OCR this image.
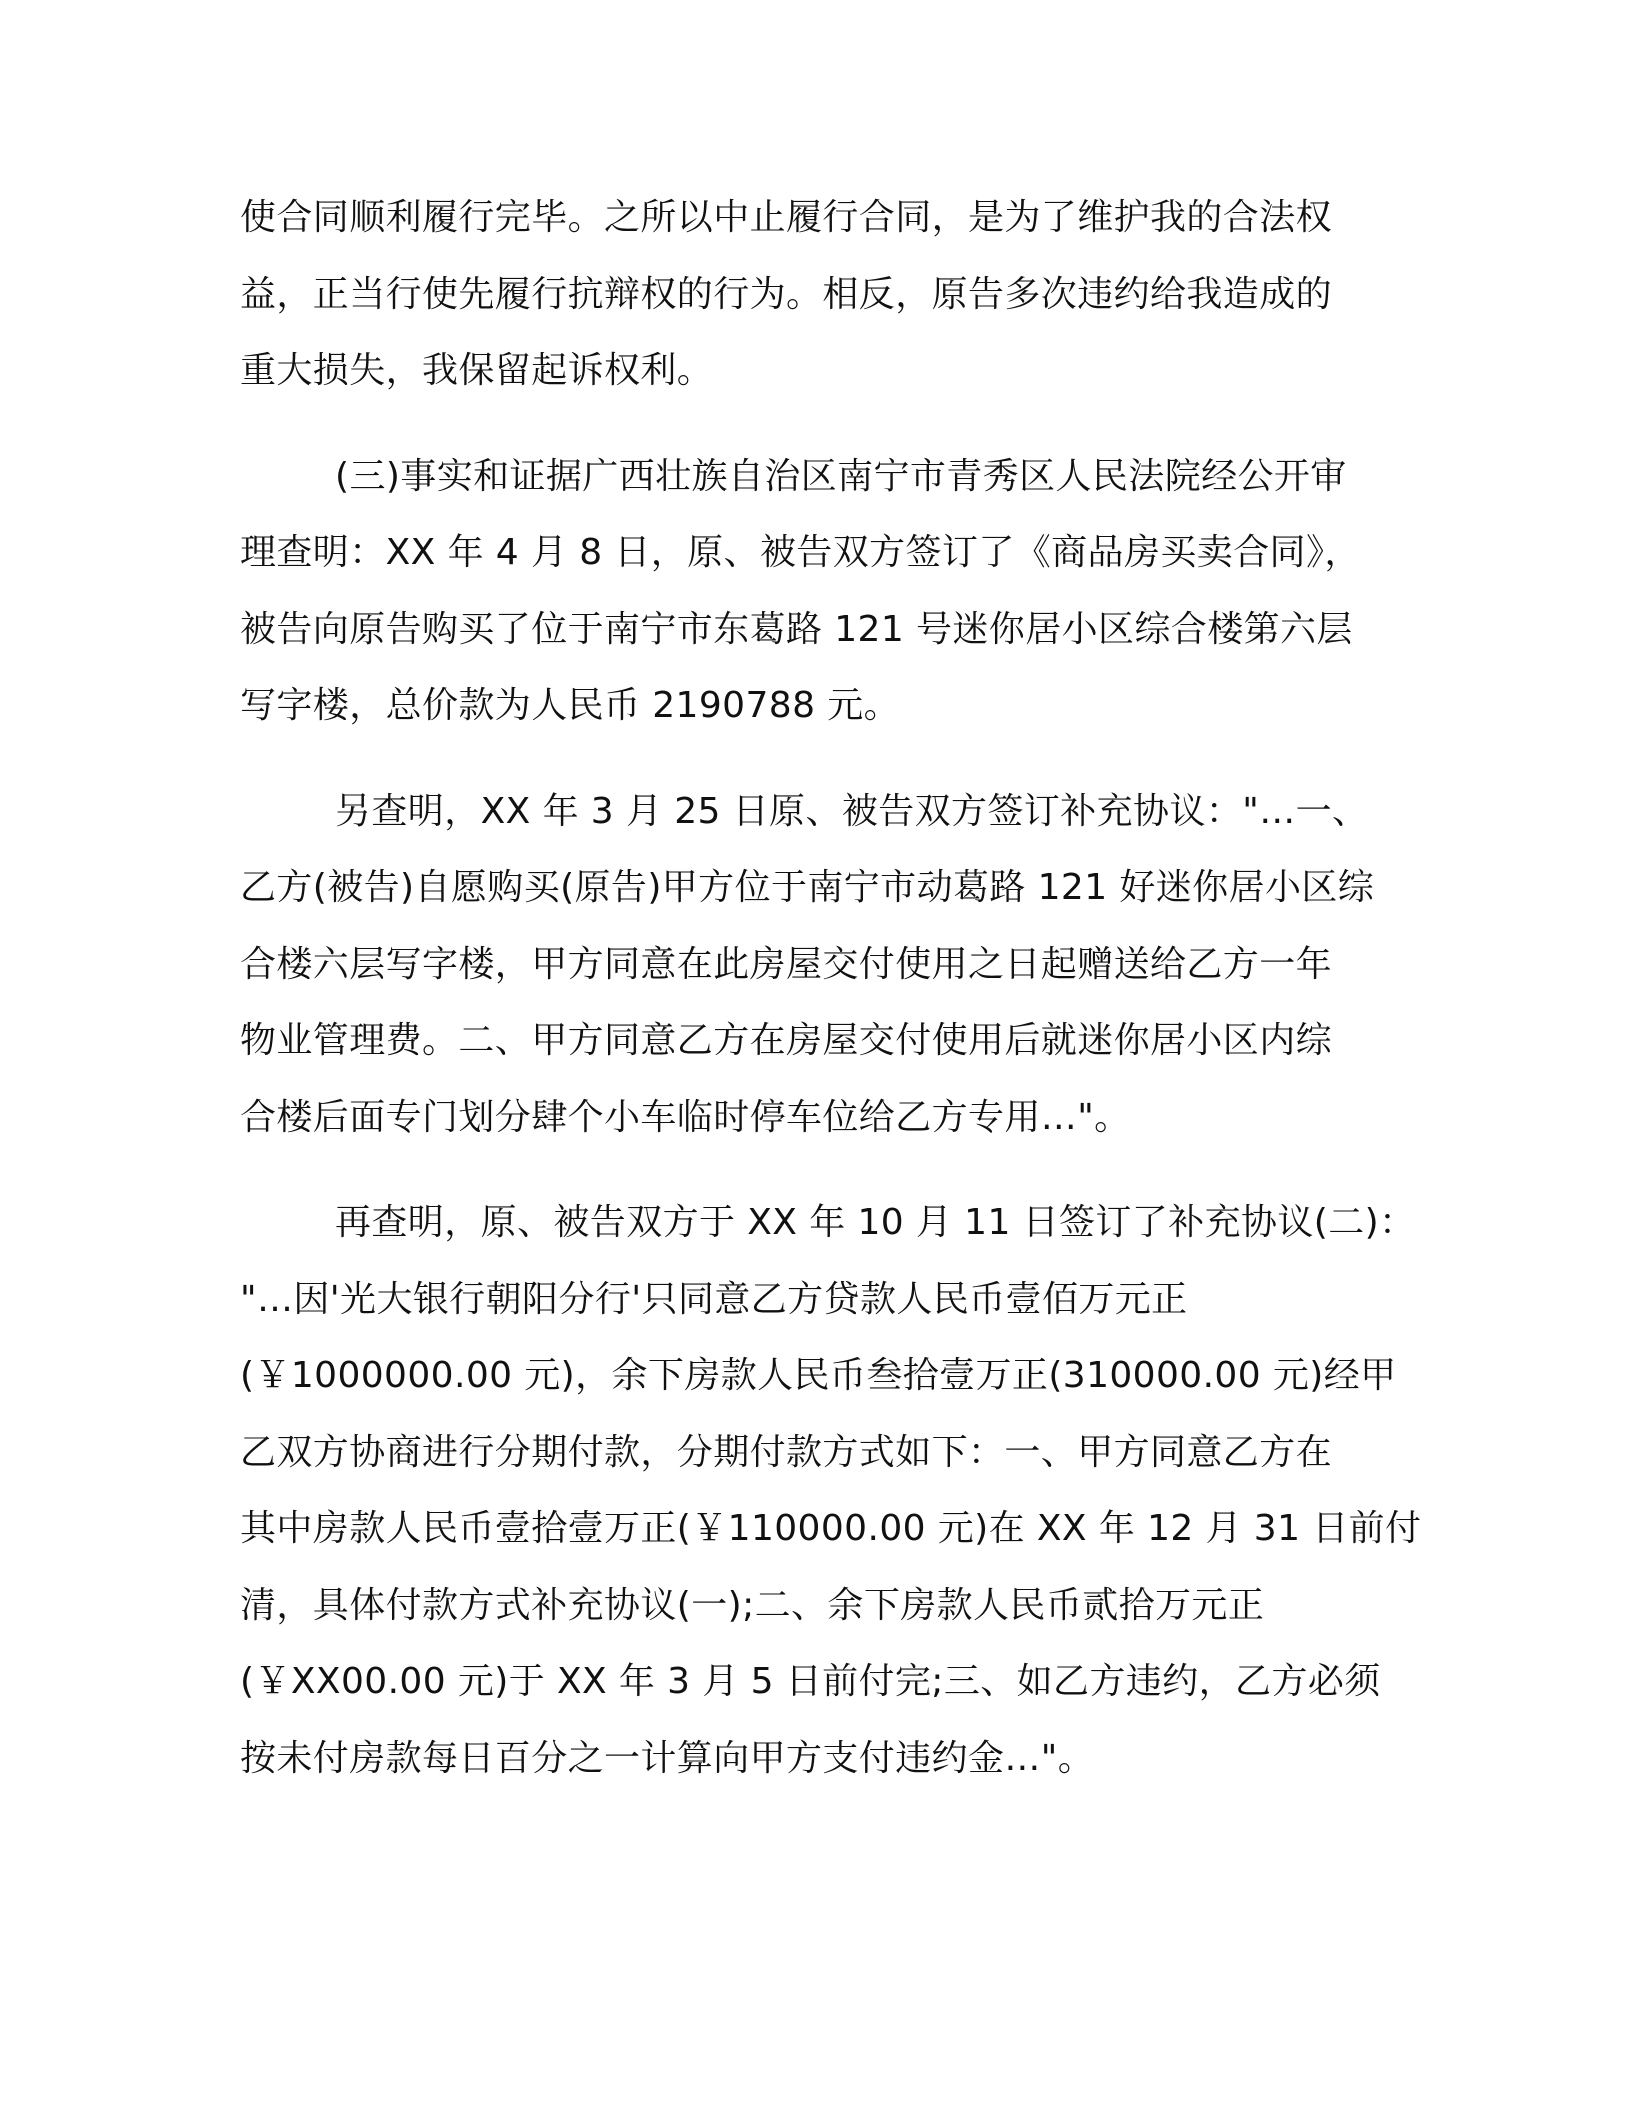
使合同顺利履行完毕。之所以中止履行合同，是为了维护我的合法权
益，正当行使先履行抗辩权的行为。相反，原告多次违约给我造成的
重大损失，我保留起诉权利。

(三)事实和证据广西壮族自治区南宁市青秀区人民法院经公开审
理查明：XX 年 4 月 8 日，原、被告双方签订了《商品房买卖合同》，
被告向原告购买了位于南宁市东葛路 121 号迷你居小区综合楼第六层
写字楼，总价款为人民币 2190788 元。

另查明，XX 年 3 月 25 日原、被告双方签订补充协议："…一、
乙方(被告)自愿购买(原告)甲方位于南宁市动葛路 121 好迷你居小区综
合楼六层写字楼，甲方同意在此房屋交付使用之日起赠送给乙方一年
物业管理费。二、甲方同意乙方在房屋交付使用后就迷你居小区内综
合楼后面专门划分肆个小车临时停车位给乙方专用…"。

再查明，原、被告双方于 XX 年 10 月 11 日签订了补充协议(二)：
"…因'光大银行朝阳分行'只同意乙方贷款人民币壹佰万元正
(￥1000000.00 元)，余下房款人民币叁拾壹万正(310000.00 元)经甲
乙双方协商进行分期付款，分期付款方式如下：一、甲方同意乙方在
其中房款人民币壹拾壹万正(￥110000.00 元)在 XX 年 12 月 31 日前付
清，具体付款方式补充协议(一);二、余下房款人民币贰拾万元正
(￥XX00.00 元)于 XX 年 3 月 5 日前付完;三、如乙方违约，乙方必须
按未付房款每日百分之一计算向甲方支付违约金…"。
